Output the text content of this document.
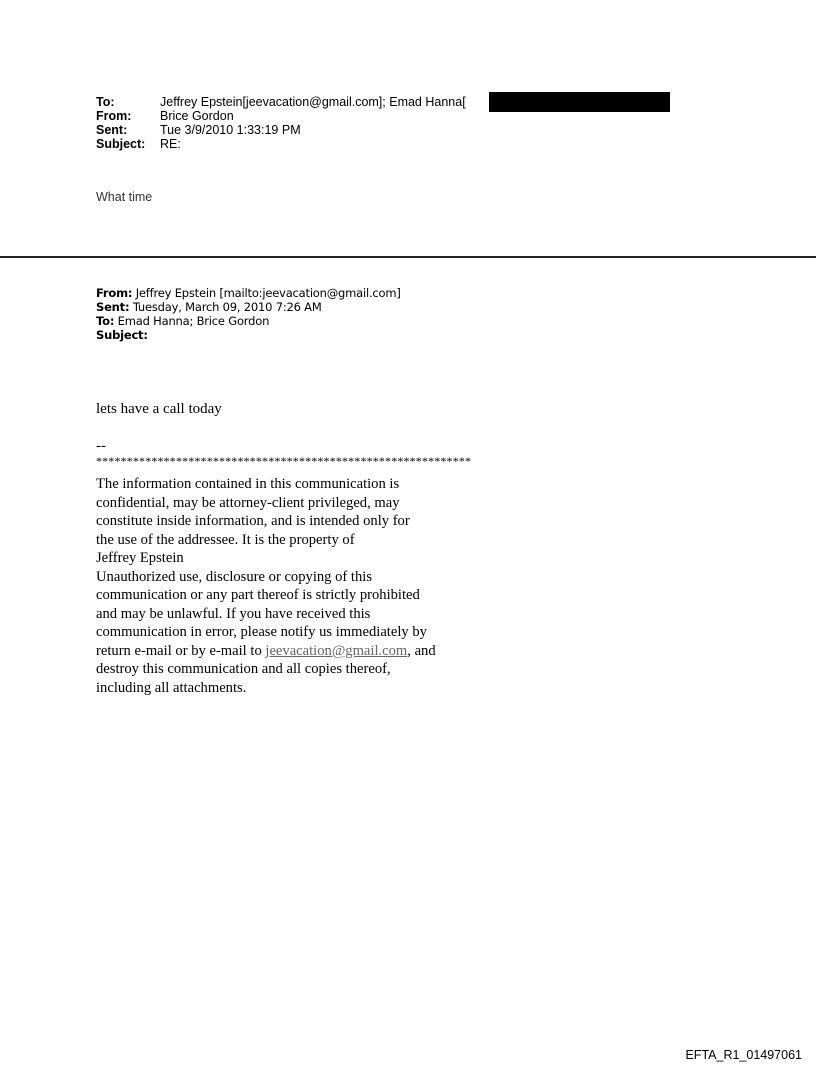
To:	Jeffrey Epstein[jeevacation@gmail.com]; Emad Hanna[
From:	Brice Gordon
Sent:	Tue 3/9/2010 1:33:19 PM
Subject:	RE:
What time
From: Jeffrey Epstein [mailto:jeevacation@gmail.com]
Sent: Tuesday, March 09, 2010 7:26 AM
To: Emad Hanna; Brice Gordon
Subject:
lets have a call today
--
*************************************************************
The information contained in this communication is
confidential, may be attorney-client privileged, may
constitute inside information, and is intended only for
the use of the addressee. It is the property of
Jeffrey Epstein
Unauthorized use, disclosure or copying of this
communication or any part thereof is strictly prohibited
and may be unlawful. If you have received this
communication in error, please notify us immediately by
return e-mail or by e-mail to jeevacation@gmail.com, and
destroy this communication and all copies thereof,
including all attachments.
EFTA_R1_01497061
